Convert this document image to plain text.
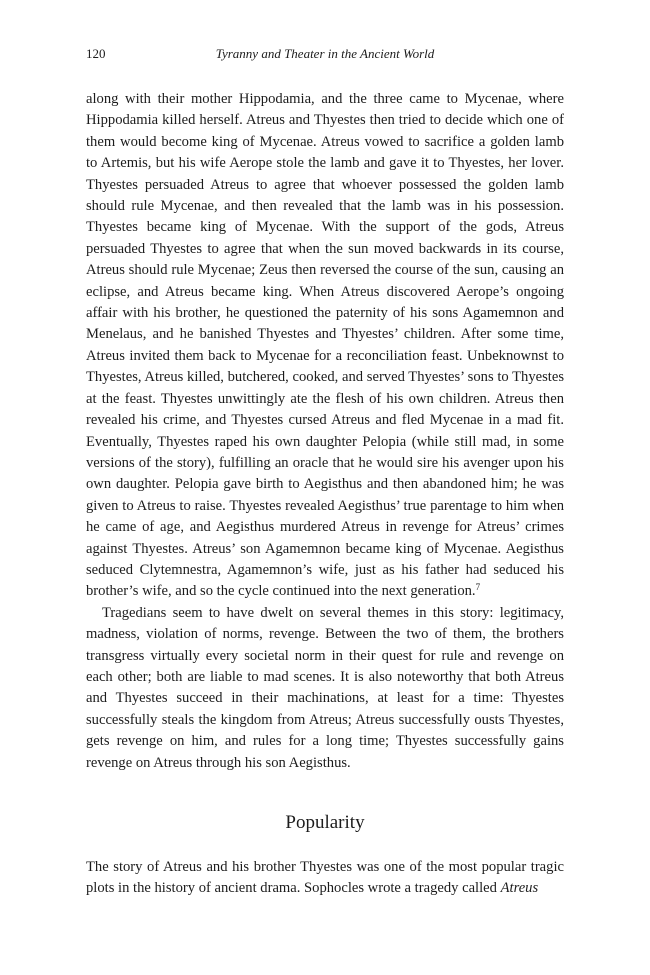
120	Tyranny and Theater in the Ancient World

along with their mother Hippodamia, and the three came to Mycenae, where Hippodamia killed herself. Atreus and Thyestes then tried to decide which one of them would become king of Mycenae. Atreus vowed to sacrifice a golden lamb to Artemis, but his wife Aerope stole the lamb and gave it to Thyestes, her lover. Thyestes persuaded Atreus to agree that whoever possessed the golden lamb should rule Mycenae, and then revealed that the lamb was in his possession. Thyestes became king of Mycenae. With the support of the gods, Atreus persuaded Thyestes to agree that when the sun moved backwards in its course, Atreus should rule Mycenae; Zeus then reversed the course of the sun, causing an eclipse, and Atreus became king. When Atreus discovered Aerope’s ongoing affair with his brother, he questioned the paternity of his sons Agamemnon and Menelaus, and he banished Thyestes and Thyestes’ children. After some time, Atreus invited them back to Mycenae for a reconciliation feast. Unbeknownst to Thyestes, Atreus killed, butchered, cooked, and served Thyestes’ sons to Thyestes at the feast. Thyestes unwittingly ate the flesh of his own children. Atreus then revealed his crime, and Thyestes cursed Atreus and fled Mycenae in a mad fit. Eventually, Thyestes raped his own daughter Pelopia (while still mad, in some versions of the story), fulfilling an oracle that he would sire his avenger upon his own daughter. Pelopia gave birth to Aegisthus and then abandoned him; he was given to Atreus to raise. Thyestes revealed Aegisthus’ true parentage to him when he came of age, and Aegisthus murdered Atreus in revenge for Atreus’ crimes against Thyestes. Atreus’ son Agamemnon became king of Mycenae. Aegisthus seduced Clytemnestra, Agamemnon’s wife, just as his father had seduced his brother’s wife, and so the cycle continued into the next generation.$^7$

Tragedians seem to have dwelt on several themes in this story: legitimacy, madness, violation of norms, revenge. Between the two of them, the brothers transgress virtually every societal norm in their quest for rule and revenge on each other; both are liable to mad scenes. It is also noteworthy that both Atreus and Thyestes succeed in their machinations, at least for a time: Thyestes successfully steals the kingdom from Atreus; Atreus successfully ousts Thyestes, gets revenge on him, and rules for a long time; Thyestes successfully gains revenge on Atreus through his son Aegisthus.

Popularity

The story of Atreus and his brother Thyestes was one of the most popular tragic plots in the history of ancient drama. Sophocles wrote a tragedy called Atreus
